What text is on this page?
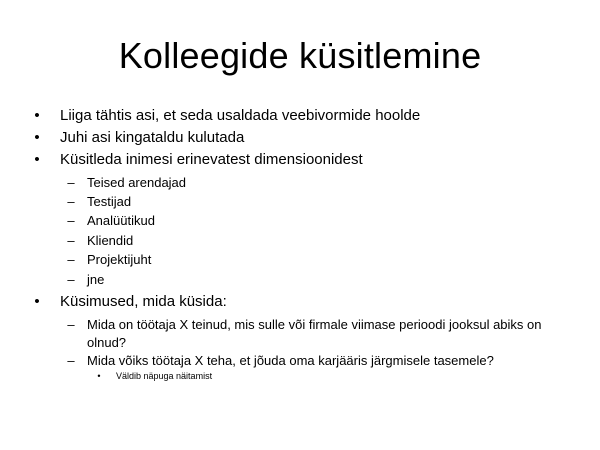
Kolleegide küsitlemine
• Liiga tähtis asi, et seda usaldada veebivormide hoolde
• Juhi asi kingataldu kulutada
• Küsitleda inimesi erinevatest dimensioonidest
– Teised arendajad
– Testijad
– Analüütikud
– Kliendid
– Projektijuht
– jne
• Küsimused, mida küsida:
– Mida on töötaja X teinud, mis sulle või firmale viimase perioodi jooksul abiks on olnud?
– Mida võiks töötaja X teha, et jõuda oma karjääris järgmisele tasemele?
•	Väldib näpuga näitamist
